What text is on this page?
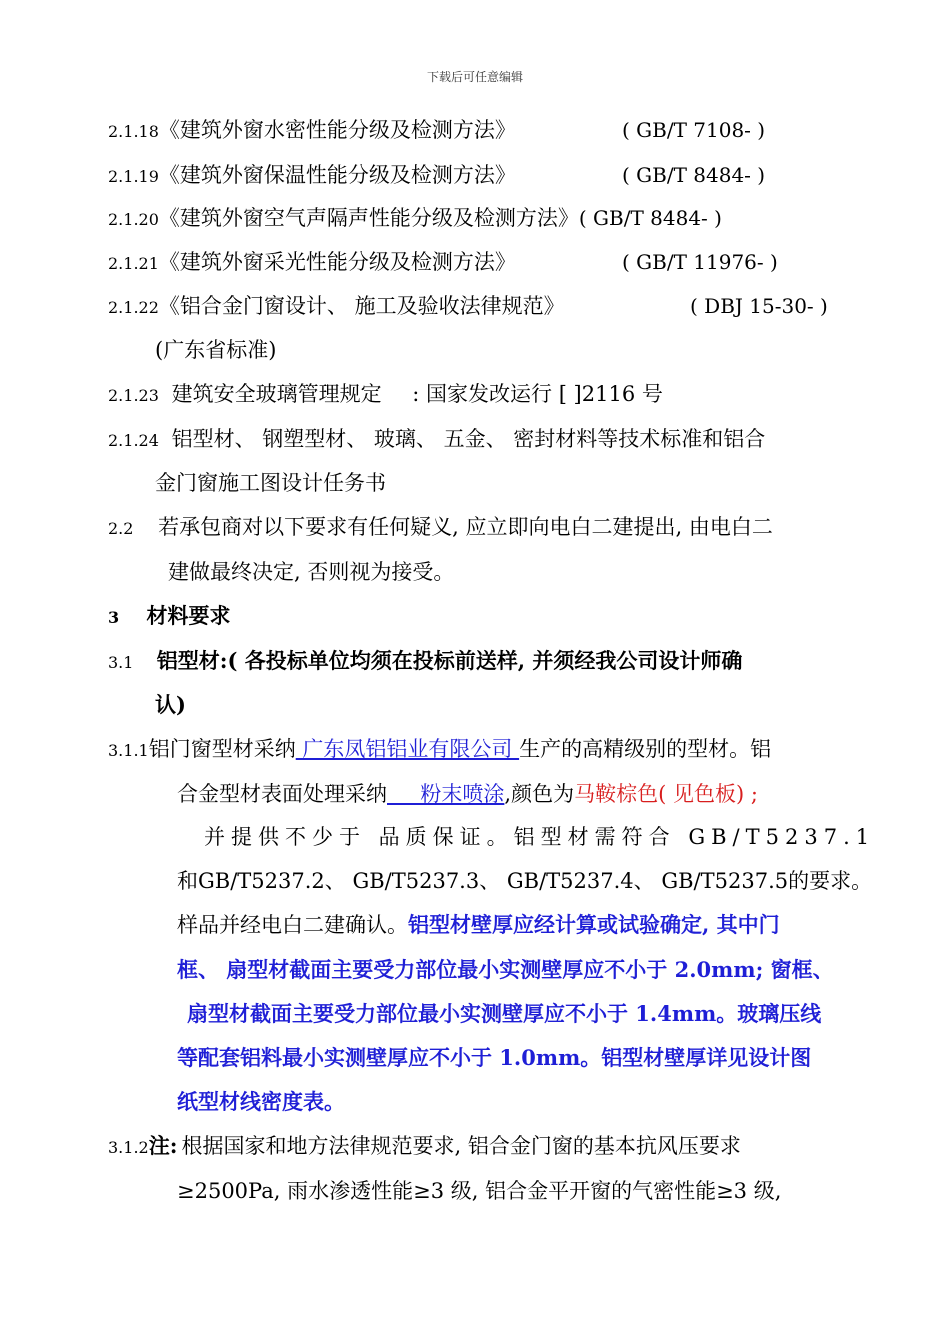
下载后可任意编辑
2.1.18《建筑外窗水密性能分级及检测方法》	( GB/T 7108- )
2.1.19《建筑外窗保温性能分级及检测方法》	( GB/T 8484- )
2.1.20《建筑外窗空气声隔声性能分级及检测方法》( GB/T 8484- )
2.1.21《建筑外窗采光性能分级及检测方法》	( GB/T 11976- )
2.1.22《铝合金门窗设计、 施工及验收法律规范》	( DBJ 15-30- )
(广东省标准)
2.1.23 建筑安全玻璃管理规定 : 国家发改运行 [ ]2116 号
2.1.24 铝型材、 钢塑型材、 玻璃、 五金、 密封材料等技术标准和铝合
金门窗施工图设计任务书
2.2 若承包商对以下要求有任何疑义, 应立即向电白二建提出, 由电白二
建做最终决定, 否则视为接受。
3 材料要求
3.1 铝型材:( 各投标单位均须在投标前送样, 并须经我公司设计师确
认)
3.1.1铝门窗型材采纳 广东凤铝铝业有限公司 生产的高精级别的型材。铝
合金型材表面处理采纳     粉末喷涂,颜色为马鞍棕色( 见色板) ;
并提供不少于 品质保证。铝型材需符合 GB/T5237.1
和GB/T5237.2、 GB/T5237.3、 GB/T5237.4、 GB/T5237.5的要求。
样品并经电白二建确认。铝型材壁厚应经计算或试验确定, 其中门
框、 扇型材截面主要受力部位最小实测壁厚应不小于 2.0mm; 窗框、
扇型材截面主要受力部位最小实测壁厚应不小于 1.4mm。玻璃压线
等配套铝料最小实测壁厚应不小于 1.0mm。铝型材壁厚详见设计图
纸型材线密度表。
3.1.2注: 根据国家和地方法律规范要求, 铝合金门窗的基本抗风压要求
≥2500Pa, 雨水渗透性能≥3 级, 铝合金平开窗的气密性能≥3 级,
